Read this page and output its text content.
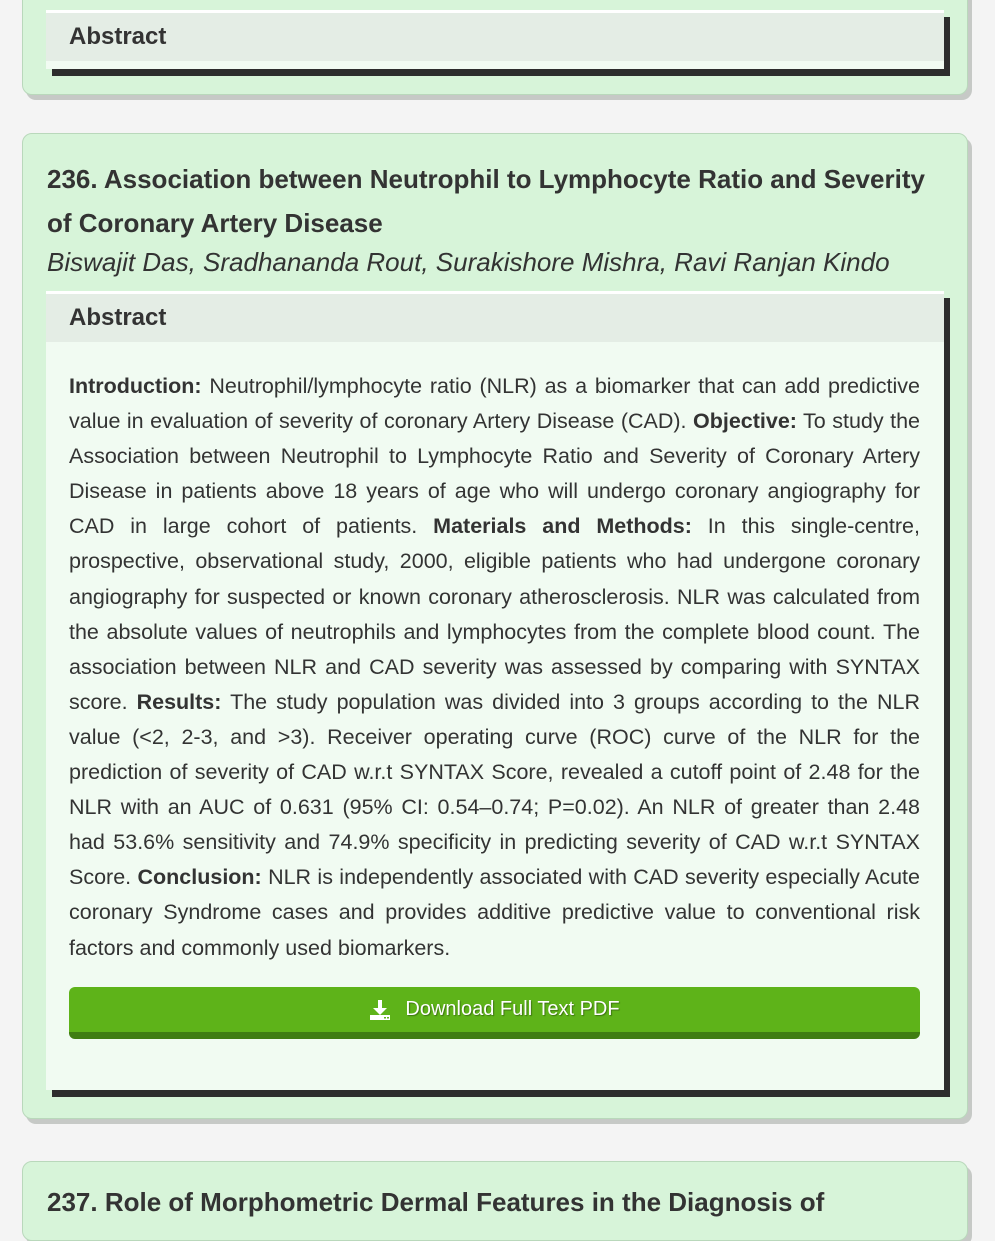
Abstract
236. Association between Neutrophil to Lymphocyte Ratio and Severity of Coronary Artery Disease
Biswajit Das, Sradhananda Rout, Surakishore Mishra, Ravi Ranjan Kindo
Abstract

Introduction: Neutrophil/lymphocyte ratio (NLR) as a biomarker that can add predictive value in evaluation of severity of coronary Artery Disease (CAD). Objective: To study the Association between Neutrophil to Lymphocyte Ratio and Severity of Coronary Artery Disease in patients above 18 years of age who will undergo coronary angiography for CAD in large cohort of patients. Materials and Methods: In this single-centre, prospective, observational study, 2000, eligible patients who had undergone coronary angiography for suspected or known coronary atherosclerosis. NLR was calculated from the absolute values of neutrophils and lymphocytes from the complete blood count. The association between NLR and CAD severity was assessed by comparing with SYNTAX score. Results: The study population was divided into 3 groups according to the NLR value (<2, 2-3, and >3). Receiver operating curve (ROC) curve of the NLR for the prediction of severity of CAD w.r.t SYNTAX Score, revealed a cutoff point of 2.48 for the NLR with an AUC of 0.631 (95% CI: 0.54–0.74; P=0.02). An NLR of greater than 2.48 had 53.6% sensitivity and 74.9% specificity in predicting severity of CAD w.r.t SYNTAX Score. Conclusion: NLR is independently associated with CAD severity especially Acute coronary Syndrome cases and provides additive predictive value to conventional risk factors and commonly used biomarkers.

Download Full Text PDF
237. Role of Morphometric Dermal Features in the Diagnosis of
